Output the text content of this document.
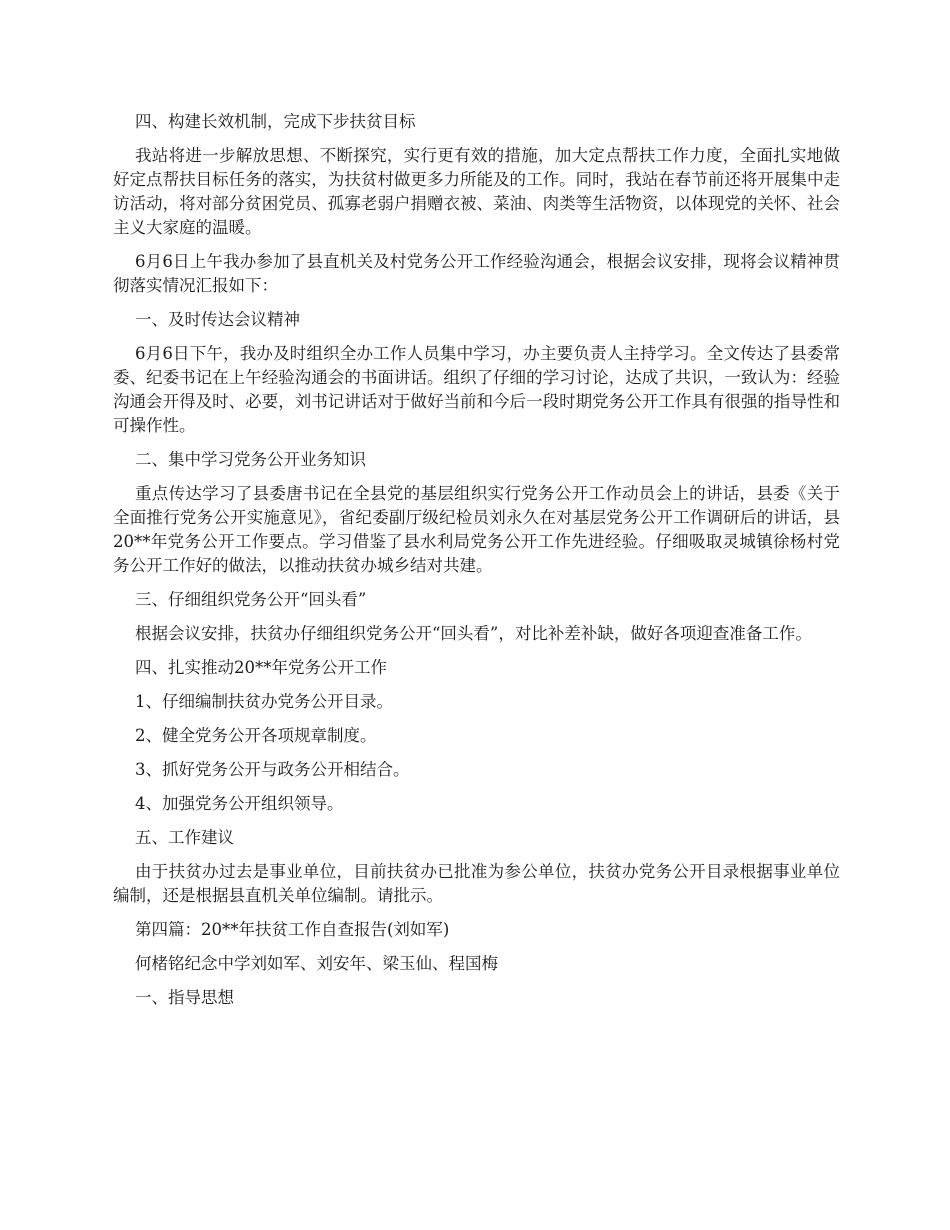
四、构建长效机制，完成下步扶贫目标

我站将进一步解放思想、不断探究，实行更有效的措施，加大定点帮扶工作力度，全面扎实地做好定点帮扶目标任务的落实，为扶贫村做更多力所能及的工作。同时，我站在春节前还将开展集中走访活动，将对部分贫困党员、孤寡老弱户捐赠衣被、菜油、肉类等生活物资，以体现党的关怀、社会主义大家庭的温暖。

6月6日上午我办参加了县直机关及村党务公开工作经验沟通会，根据会议安排，现将会议精神贯彻落实情况汇报如下：

一、及时传达会议精神

6月6日下午，我办及时组织全办工作人员集中学习，办主要负责人主持学习。全文传达了县委常委、纪委书记在上午经验沟通会的书面讲话。组织了仔细的学习讨论，达成了共识，一致认为：经验沟通会开得及时、必要，刘书记讲话对于做好当前和今后一段时期党务公开工作具有很强的指导性和可操作性。

二、集中学习党务公开业务知识

重点传达学习了县委唐书记在全县党的基层组织实行党务公开工作动员会上的讲话，县委《关于全面推行党务公开实施意见》，省纪委副厅级纪检员刘永久在对基层党务公开工作调研后的讲话，县20**年党务公开工作要点。学习借鉴了县水利局党务公开工作先进经验。仔细吸取灵城镇徐杨村党务公开工作好的做法，以推动扶贫办城乡结对共建。

三、仔细组织党务公开“回头看”

根据会议安排，扶贫办仔细组织党务公开“回头看”，对比补差补缺，做好各项迎查准备工作。

四、扎实推动20**年党务公开工作

1、仔细编制扶贫办党务公开目录。

2、健全党务公开各项规章制度。

3、抓好党务公开与政务公开相结合。

4、加强党务公开组织领导。

五、工作建议

由于扶贫办过去是事业单位，目前扶贫办已批准为参公单位，扶贫办党务公开目录根据事业单位编制，还是根据县直机关单位编制。请批示。

第四篇：20**年扶贫工作自查报告(刘如军)

何楮铭纪念中学刘如军、刘安年、梁玉仙、程国梅

一、指导思想
